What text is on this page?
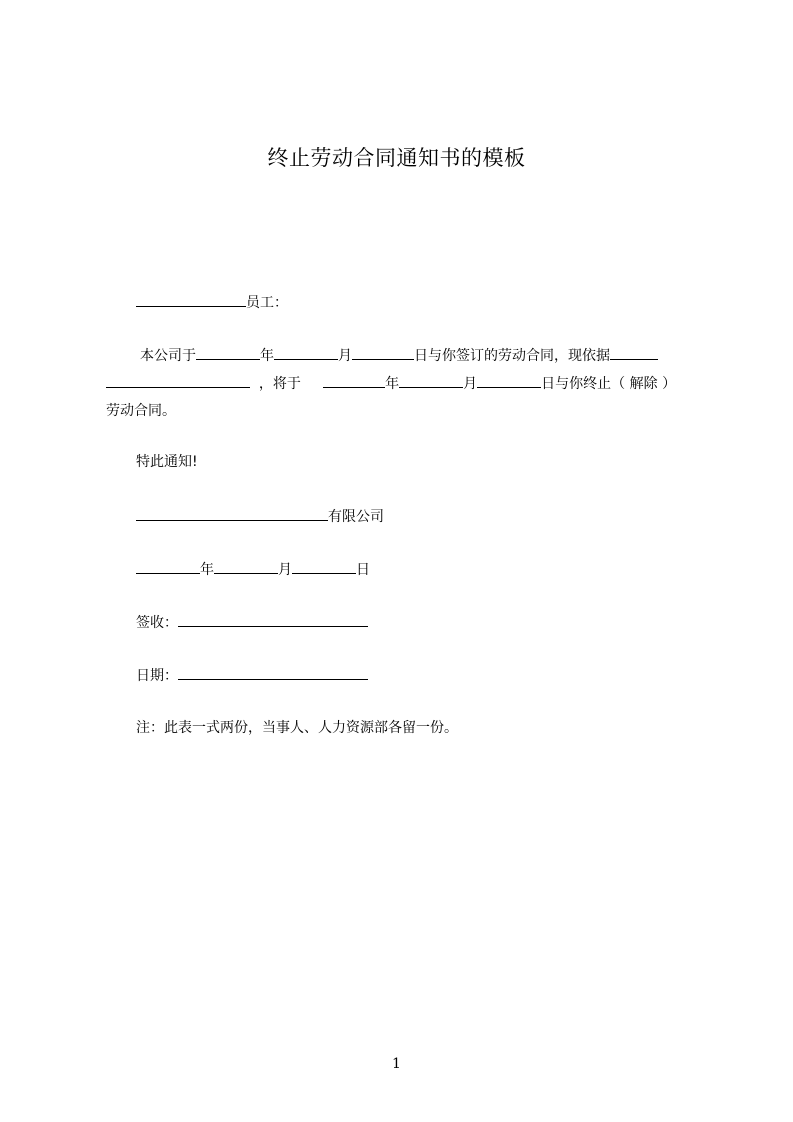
终止劳动合同通知书的模板
员工：
本公司于	年	月	日与你签订的劳动合同，现依据
，将于	年	月	日与你终止（ 解除 ）
劳动合同。
特此通知!
有限公司
年	月	日
签收：
日期：
注：此表一式两份，当事人、人力资源部各留一份。
1
